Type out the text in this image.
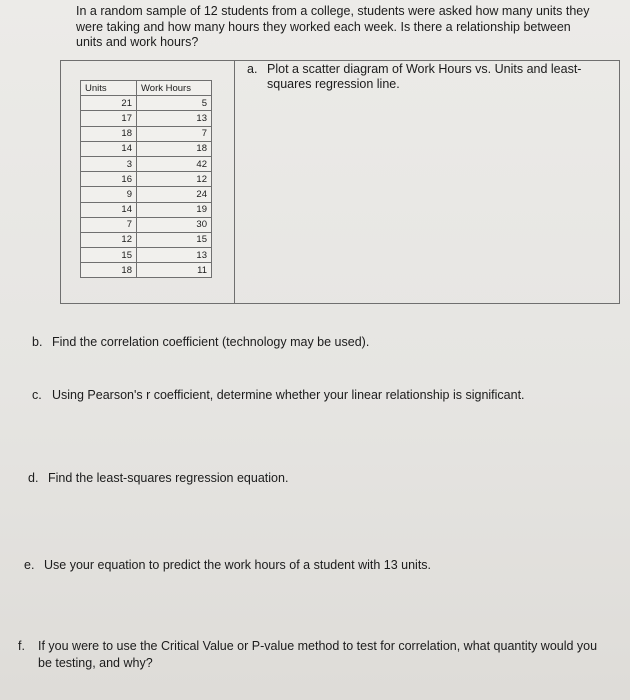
In a random sample of 12 students from a college, students were asked how many units they were taking and how many hours they worked each week. Is there a relationship between units and work hours?
a. Plot a scatter diagram of Work Hours vs. Units and least-squares regression line.
Units	Work Hours
21	5
17	13
18	7
14	18
3	42
16	12
9	24
14	19
7	30
12	15
15	13
18	11
b. Find the correlation coefficient (technology may be used).
c. Using Pearson's r coefficient, determine whether your linear relationship is significant.
d. Find the least-squares regression equation.
e. Use your equation to predict the work hours of a student with 13 units.
f. If you were to use the Critical Value or P-value method to test for correlation, what quantity would you be testing, and why?
